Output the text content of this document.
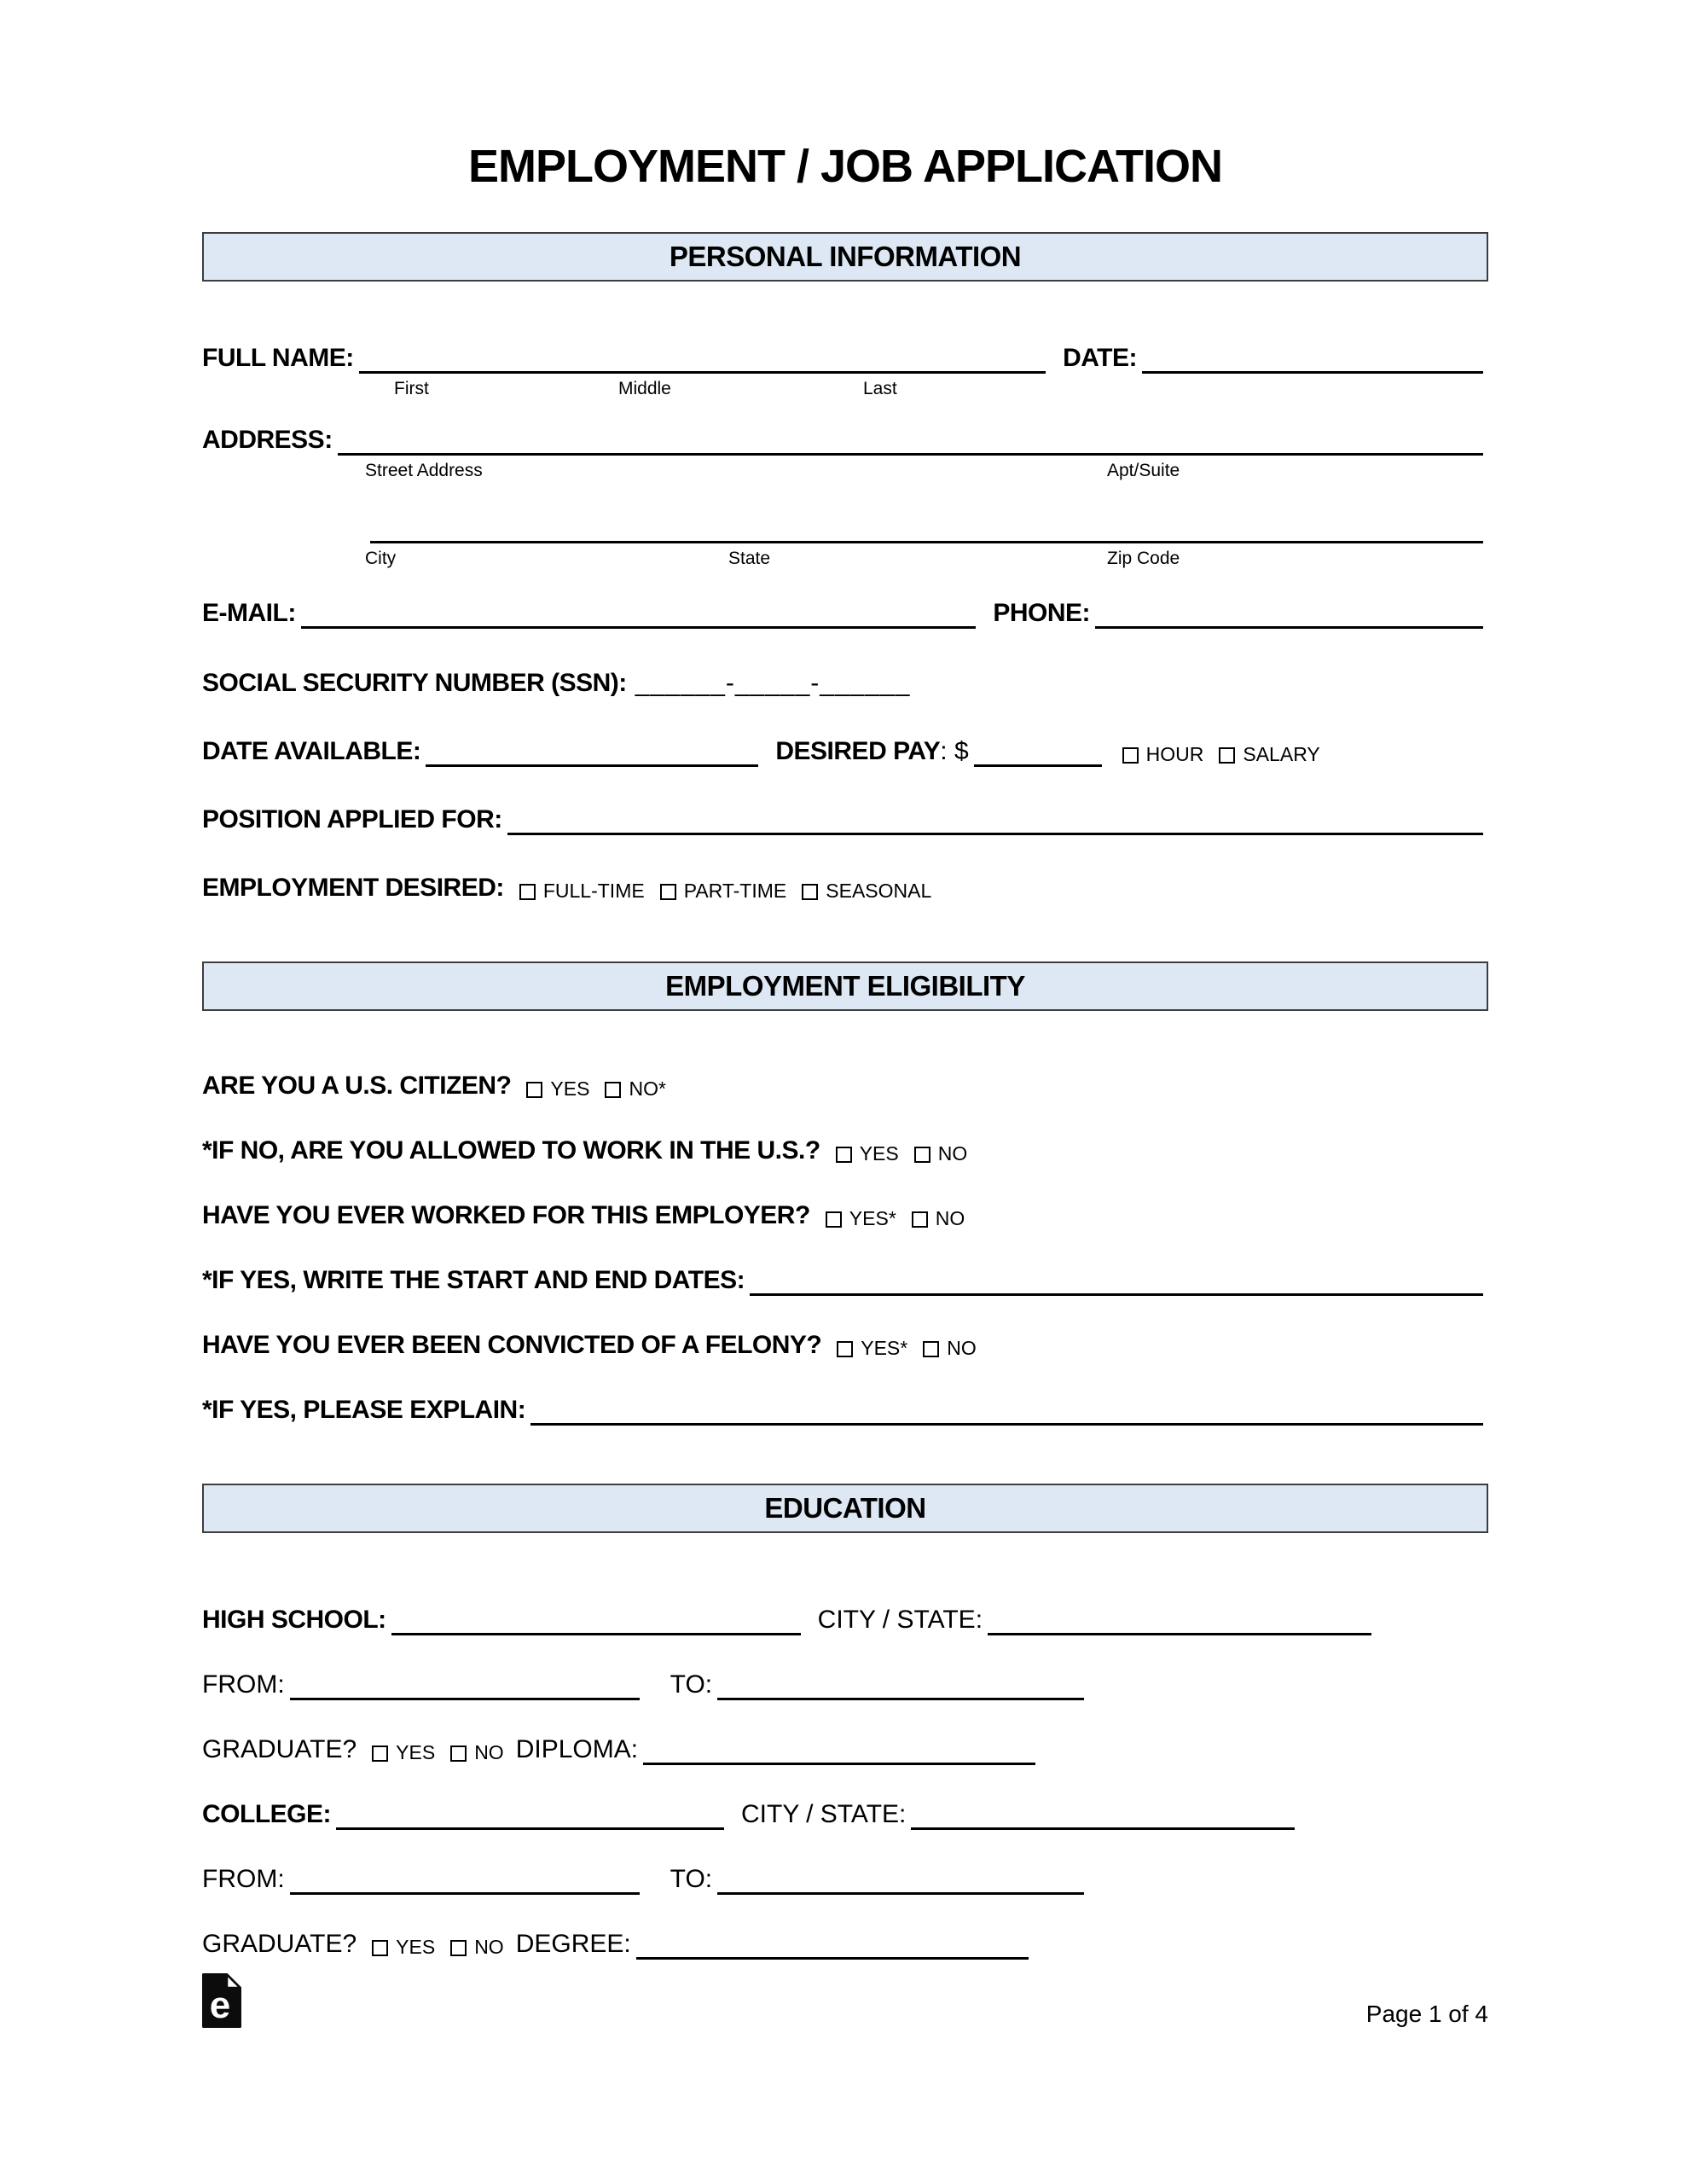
EMPLOYMENT / JOB APPLICATION
PERSONAL INFORMATION
FULL NAME:	DATE:
First	Middle	Last
ADDRESS:
Street Address	Apt/Suite
City	State	Zip Code
E-MAIL:	PHONE:
SOCIAL SECURITY NUMBER (SSN): ______-_____-______
DATE AVAILABLE:	DESIRED PAY : $	HOUR SALARY
POSITION APPLIED FOR:
EMPLOYMENT DESIRED: FULL-TIME PART-TIME SEASONAL
EMPLOYMENT ELIGIBILITY
ARE YOU A U.S. CITIZEN? YES NO*
*IF NO, ARE YOU ALLOWED TO WORK IN THE U.S.? YES NO
HAVE YOU EVER WORKED FOR THIS EMPLOYER? YES* NO
*IF YES, WRITE THE START AND END DATES:
HAVE YOU EVER BEEN CONVICTED OF A FELONY? YES* NO
*IF YES, PLEASE EXPLAIN:
EDUCATION
HIGH SCHOOL:	CITY / STATE:
FROM:	TO:
GRADUATE? YES NO DIPLOMA:
COLLEGE:	CITY / STATE:
FROM:	TO:
GRADUATE? YES NO DEGREE:
e	Page 1 of 4
